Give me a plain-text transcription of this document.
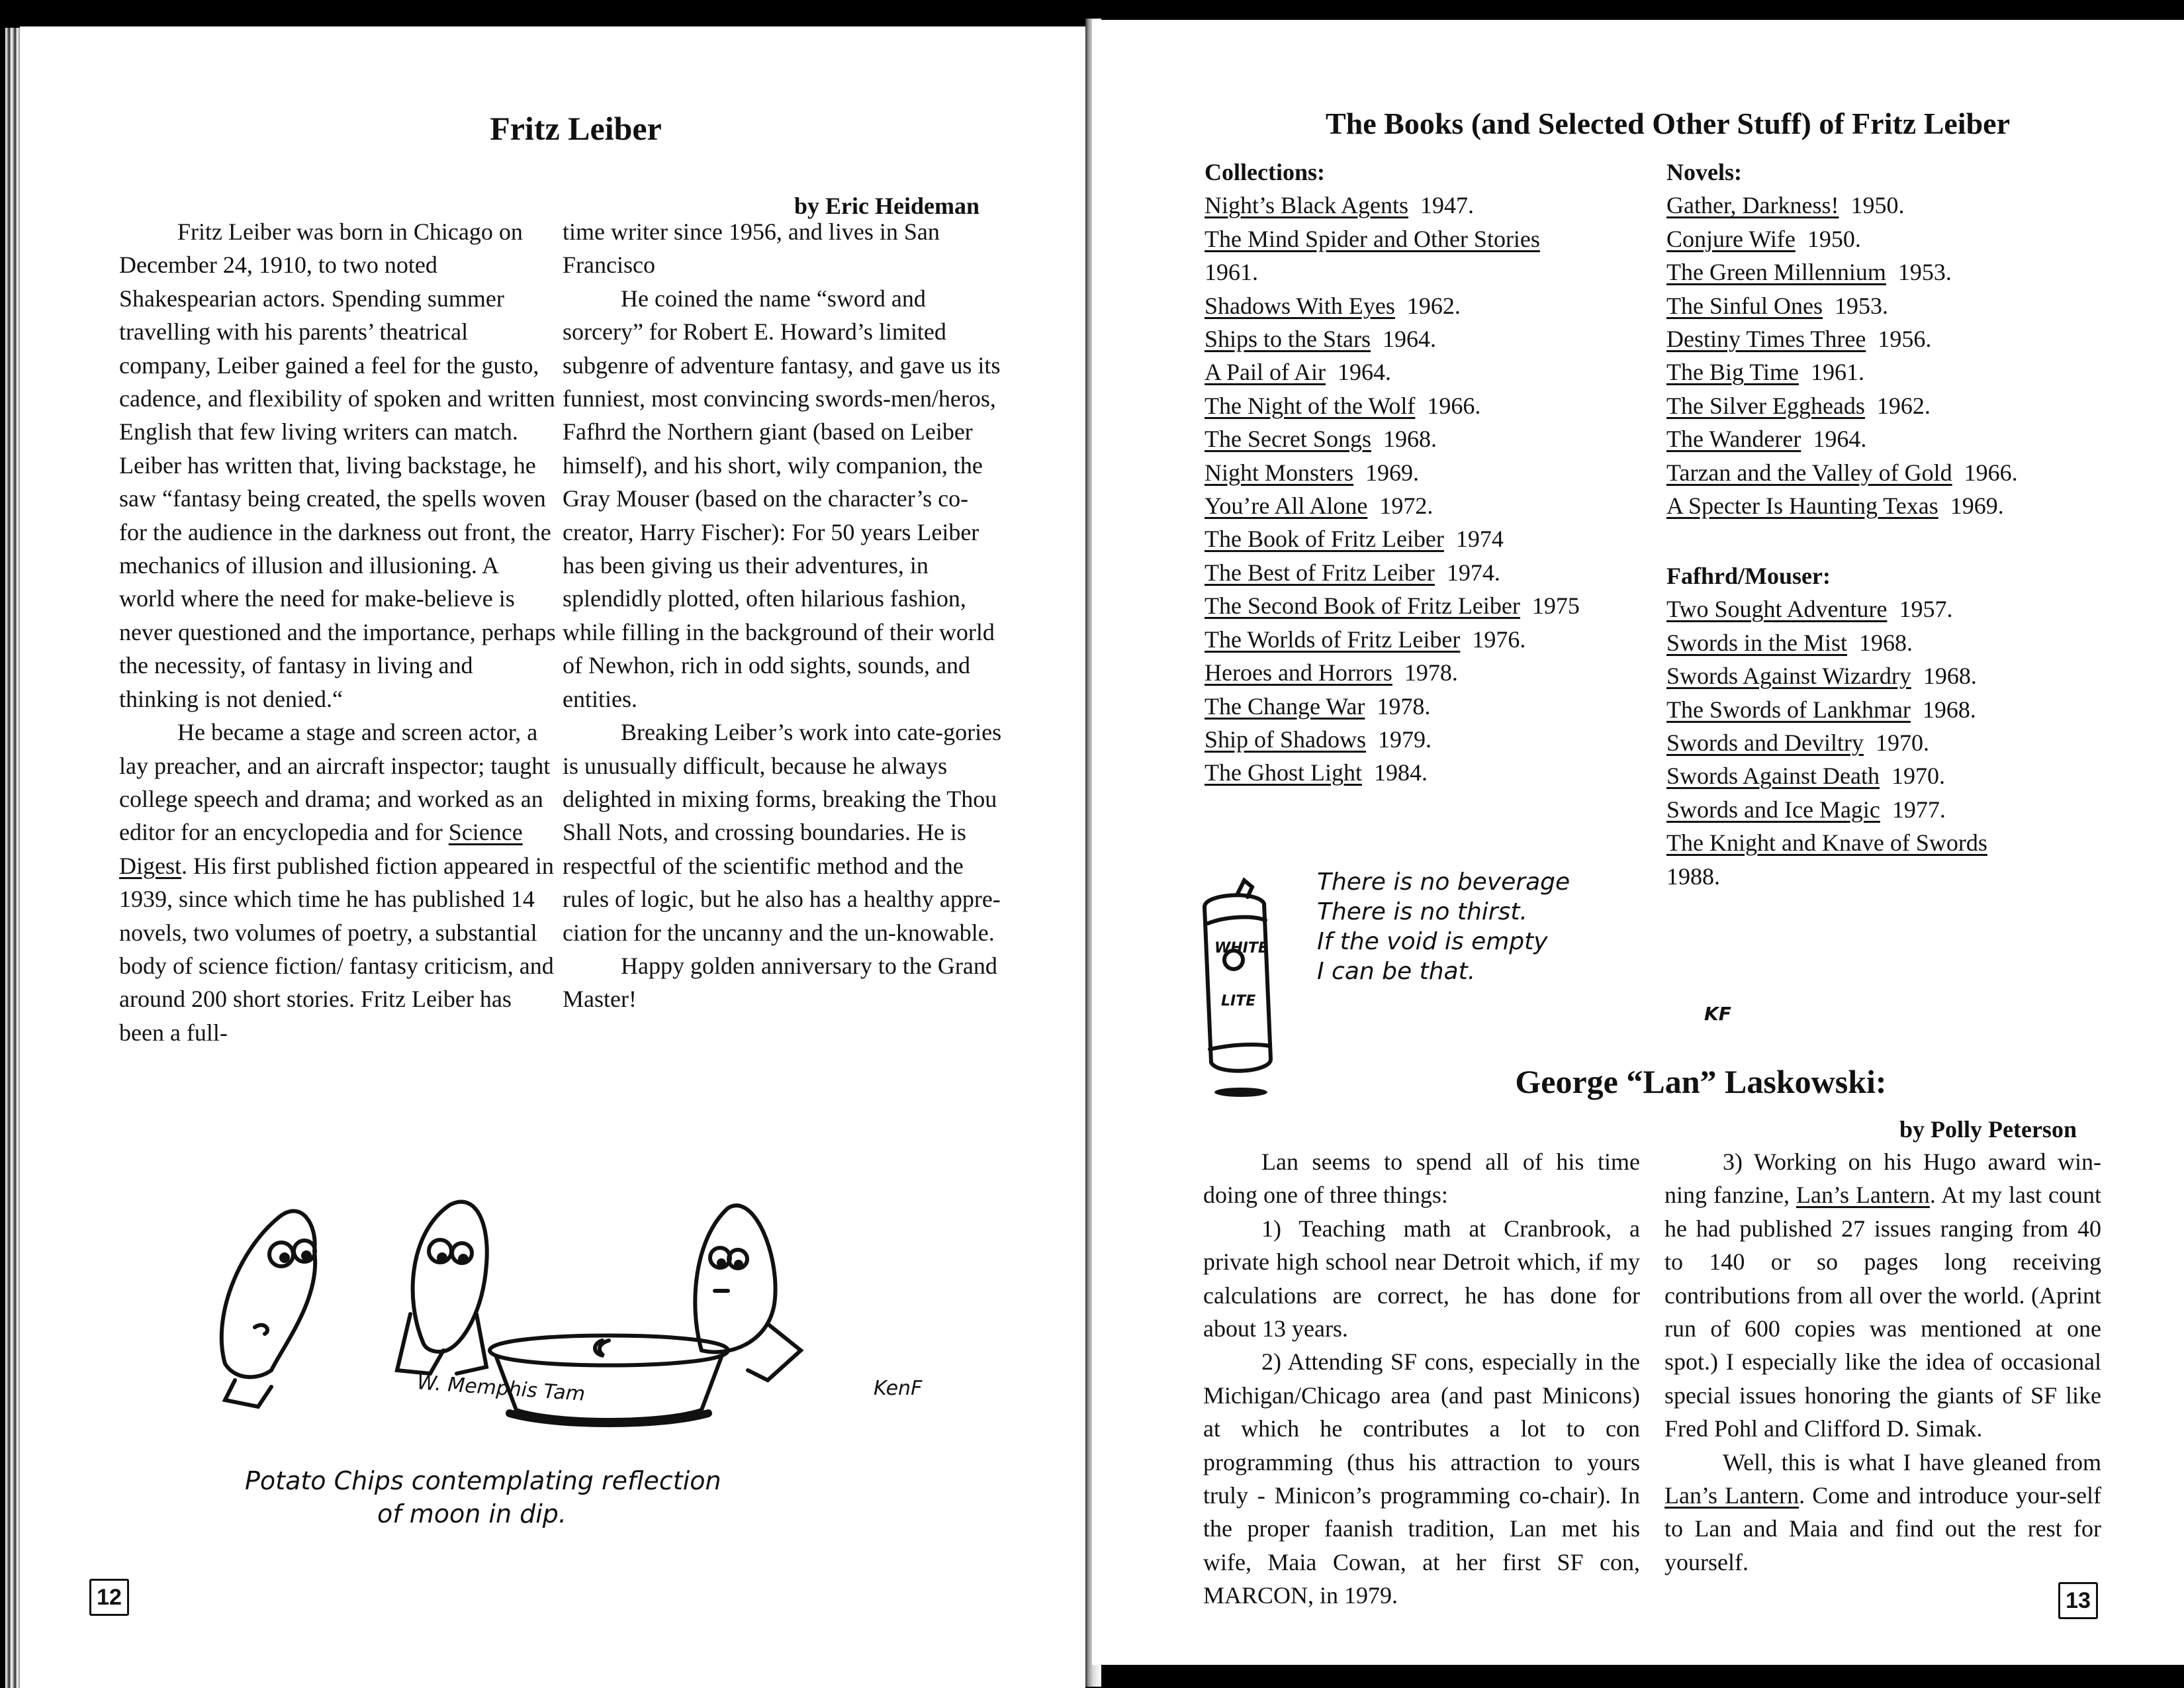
Fritz Leiber
by Eric Heideman

Fritz Leiber was born in Chicago on December 24, 1910, to two noted Shakespearian actors. Spending summer travelling with his parents’ theatrical company, Leiber gained a feel for the gusto, cadence, and flexibility of spoken and written English that few living writers can match. Leiber has written that, living backstage, he saw “fantasy being created, the spells woven for the audience in the darkness out front, the mechanics of illusion and illusioning. A world where the need for make-believe is never questioned and the importance, perhaps the necessity, of fantasy in living and thinking is not denied.“

He became a stage and screen actor, a lay preacher, and an aircraft inspector; taught college speech and drama; and worked as an editor for an encyclopedia and for Science Digest. His first published fiction appeared in 1939, since which time he has published 14 novels, two volumes of poetry, a substantial body of science fiction/ fantasy criticism, and around 200 short stories. Fritz Leiber has been a full-

time writer since 1956, and lives in San Francisco

He coined the name “sword and sorcery” for Robert E. Howard’s limited subgenre of adventure fantasy, and gave us its funniest, most convincing swords-men/heros, Fafhrd the Northern giant (based on Leiber himself), and his short, wily companion, the Gray Mouser (based on the character’s co-creator, Harry Fischer): For 50 years Leiber has been giving us their adventures, in splendidly plotted, often hilarious fashion, while filling in the background of their world of Newhon, rich in odd sights, sounds, and entities.

Breaking Leiber’s work into cate-gories is unusually difficult, because he always delighted in mixing forms, breaking the Thou Shall Nots, and crossing boundaries. He is respectful of the scientific method and the rules of logic, but he also has a healthy appre-ciation for the uncanny and the un-knowable.

Happy golden anniversary to the Grand Master!

W. Memphis Tam	KenF
Potato Chips contemplating reflection
of moon in dip.
12
The Books (and Selected Other Stuff) of Fritz Leiber
Collections:
Night’s Black Agents 1947.
The Mind Spider and Other Stories
1961.
Shadows With Eyes 1962.
Ships to the Stars 1964.
A Pail of Air 1964.
The Night of the Wolf 1966.
The Secret Songs 1968.
Night Monsters 1969.
You’re All Alone 1972.
The Book of Fritz Leiber 1974
The Best of Fritz Leiber 1974.
The Second Book of Fritz Leiber 1975
The Worlds of Fritz Leiber 1976.
Heroes and Horrors 1978.
The Change War 1978.
Ship of Shadows 1979.
The Ghost Light 1984.
Novels:
Gather, Darkness! 1950.
Conjure Wife 1950.
The Green Millennium 1953.
The Sinful Ones 1953.
Destiny Times Three 1956.
The Big Time 1961.
The Silver Eggheads 1962.
The Wanderer 1964.
Tarzan and the Valley of Gold 1966.
A Specter Is Haunting Texas 1969.
Fafhrd/Mouser:
Two Sought Adventure 1957.
Swords in the Mist 1968.
Swords Against Wizardry 1968.
The Swords of Lankhmar 1968.
Swords and Deviltry 1970.
Swords Against Death 1970.
Swords and Ice Magic 1977.
The Knight and Knave of Swords
1988.
WHITE
LITE
There is no beverage
There is no thirst.
If the void is empty
I can be that.
KF
George “Lan” Laskowski:
by Polly Peterson

Lan seems to spend all of his time doing one of three things:

1) Teaching math at Cranbrook, a private high school near Detroit which, if my calculations are correct, he has done for about 13 years.

2) Attending SF cons, especially in the Michigan/Chicago area (and past Minicons) at which he contributes a lot to con programming (thus his attraction to yours truly - Minicon’s programming co-chair). In the proper faanish tradition, Lan met his wife, Maia Cowan, at her first SF con, MARCON, in 1979.

3) Working on his Hugo award win-ning fanzine, Lan’s Lantern. At my last count he had published 27 issues ranging from 40 to 140 or so pages long receiving contributions from all over the world. (Aprint run of 600 copies was mentioned at one spot.) I especially like the idea of occasional special issues honoring the giants of SF like Fred Pohl and Clifford D. Simak.

Well, this is what I have gleaned from Lan’s Lantern. Come and introduce your-self to Lan and Maia and find out the rest for yourself.

13
